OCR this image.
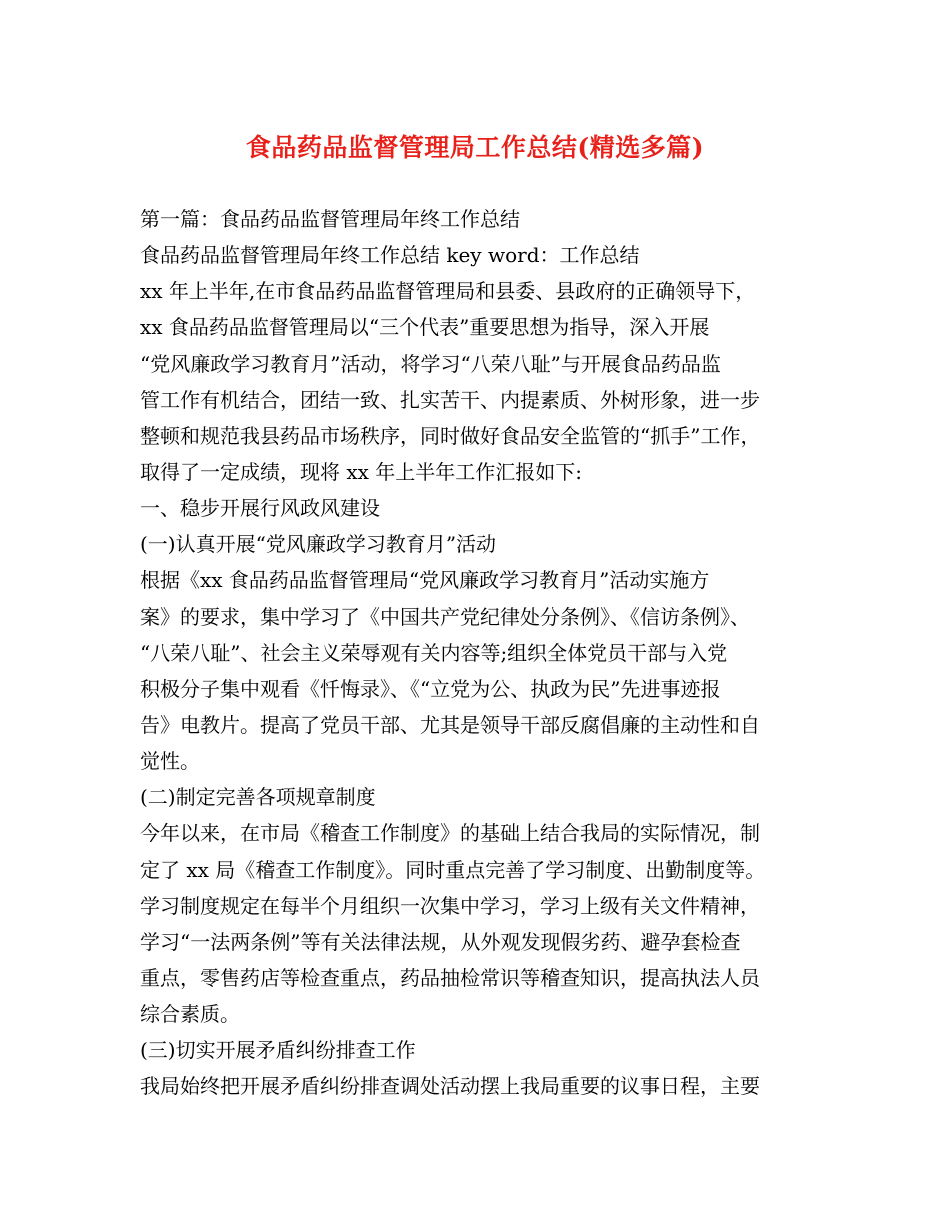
食品药品监督管理局工作总结(精选多篇)
第一篇：食品药品监督管理局年终工作总结
食品药品监督管理局年终工作总结 key word：工作总结
xx 年上半年,在市食品药品监督管理局和县委、县政府的正确领导下，
xx 食品药品监督管理局以“三个代表”重要思想为指导，深入开展
“党风廉政学习教育月”活动，将学习“八荣八耻”与开展食品药品监
管工作有机结合，团结一致、扎实苦干、内提素质、外树形象，进一步
整顿和规范我县药品市场秩序，同时做好食品安全监管的“抓手”工作，
取得了一定成绩，现将 xx 年上半年工作汇报如下:
一、稳步开展行风政风建设
(一)认真开展“党风廉政学习教育月”活动
根据《xx 食品药品监督管理局“党风廉政学习教育月”活动实施方
案》的要求，集中学习了《中国共产党纪律处分条例》、《信访条例》、
“八荣八耻”、社会主义荣辱观有关内容等;组织全体党员干部与入党
积极分子集中观看《忏悔录》、《“立党为公、执政为民”先进事迹报
告》电教片。提高了党员干部、尤其是领导干部反腐倡廉的主动性和自
觉性。
(二)制定完善各项规章制度
今年以来，在市局《稽查工作制度》的基础上结合我局的实际情况，制
定了 xx 局《稽查工作制度》。同时重点完善了学习制度、出勤制度等。
学习制度规定在每半个月组织一次集中学习，学习上级有关文件精神，
学习“一法两条例”等有关法律法规，从外观发现假劣药、避孕套检查
重点，零售药店等检查重点，药品抽检常识等稽查知识，提高执法人员
综合素质。
(三)切实开展矛盾纠纷排查工作
我局始终把开展矛盾纠纷排查调处活动摆上我局重要的议事日程，主要
